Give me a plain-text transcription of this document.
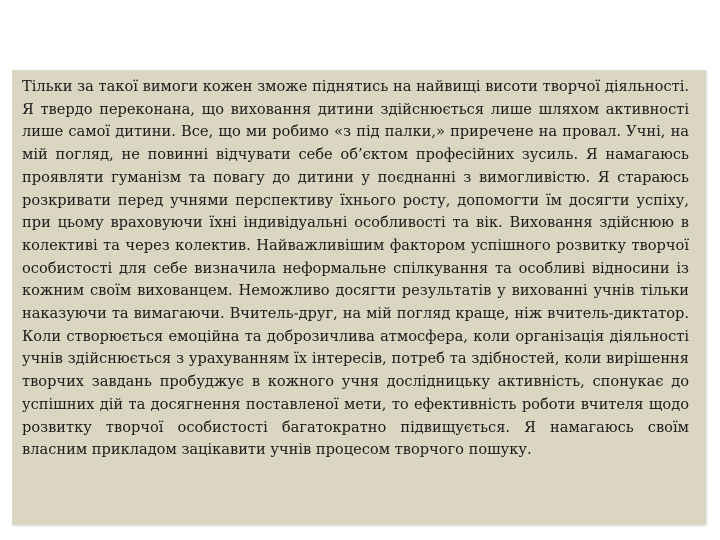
Тільки за такої вимоги кожен зможе піднятись на найвищі висоти творчої діяльності. Я твердо переконана, що виховання дитини здійснюється лише шляхом активності лише самої дитини. Все, що ми робимо «з під палки,» приречене на провал. Учні, на мій погляд, не повинні відчувати себе об’єктом професійних зусиль. Я намагаюсь проявляти гуманізм та повагу до дитини у поєднанні з вимогливістю. Я стараюсь розкривати перед учнями перспективу їхнього росту, допомогти їм досягти успіху, при цьому враховуючи їхні індивідуальні особливості та вік. Виховання здійснюю в колективі та через колектив. Найважливішим фактором успішного розвитку творчої особистості для себе визначила неформальне спілкування та особливі відносини із кожним своїм вихованцем. Неможливо досягти результатів у вихованні учнів тільки наказуючи та вимагаючи. Вчитель-друг, на мій погляд краще, ніж вчитель-диктатор. Коли створюється емоційна та доброзичлива атмосфера, коли організація діяльності учнів здійснюється з урахуванням їх інтересів, потреб та здібностей, коли вирішення творчих завдань пробуджує в кожного учня дослідницьку активність, спонукає до успішних дій та досягнення поставленої мети, то ефективність роботи вчителя щодо розвитку творчої особистості багатократно підвищується. Я намагаюсь своїм власним прикладом зацікавити учнів процесом творчого пошуку.
